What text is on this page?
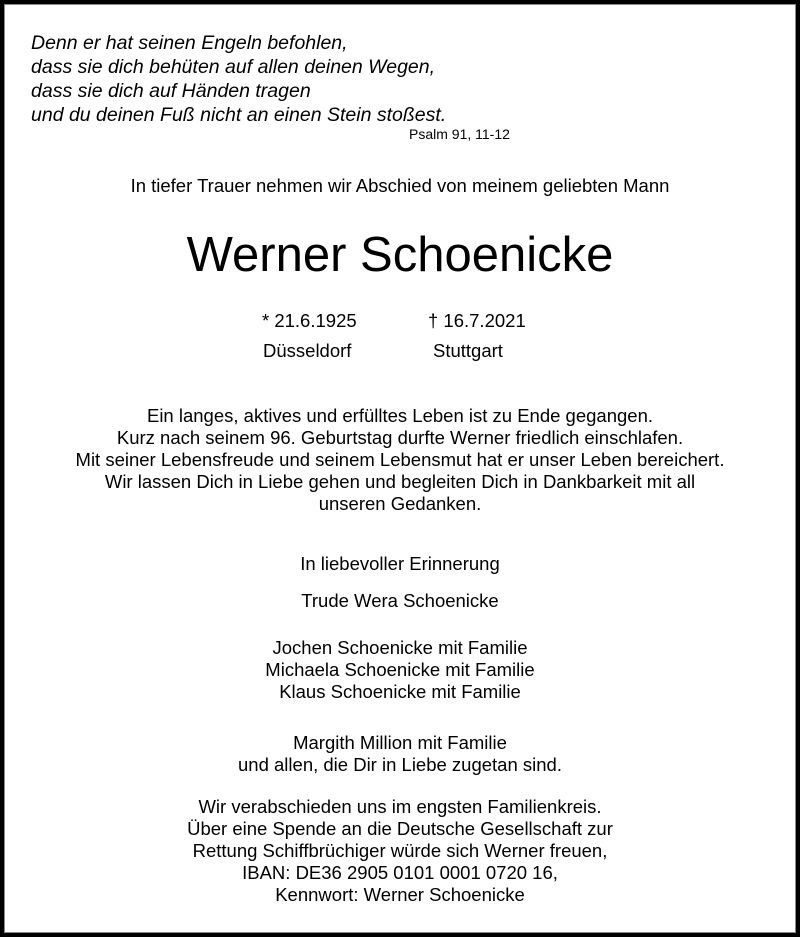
Denn er hat seinen Engeln befohlen,
dass sie dich behüten auf allen deinen Wegen,
dass sie dich auf Händen tragen
und du deinen Fuß nicht an einen Stein stoßest.
Psalm 91, 11-12
In tiefer Trauer nehmen wir Abschied von meinem geliebten Mann
Werner Schoenicke
* 21.6.1925	† 16.7.2021
Düsseldorf	Stuttgart
Ein langes, aktives und erfülltes Leben ist zu Ende gegangen.
Kurz nach seinem 96. Geburtstag durfte Werner friedlich einschlafen.
Mit seiner Lebensfreude und seinem Lebensmut hat er unser Leben bereichert.
Wir lassen Dich in Liebe gehen und begleiten Dich in Dankbarkeit mit all
unseren Gedanken.
In liebevoller Erinnerung
Trude Wera Schoenicke
Jochen Schoenicke mit Familie
Michaela Schoenicke mit Familie
Klaus Schoenicke mit Familie
Margith Million mit Familie
und allen, die Dir in Liebe zugetan sind.
Wir verabschieden uns im engsten Familienkreis.
Über eine Spende an die Deutsche Gesellschaft zur
Rettung Schiffbrüchiger würde sich Werner freuen,
IBAN: DE36 2905 0101 0001 0720 16,
Kennwort: Werner Schoenicke
